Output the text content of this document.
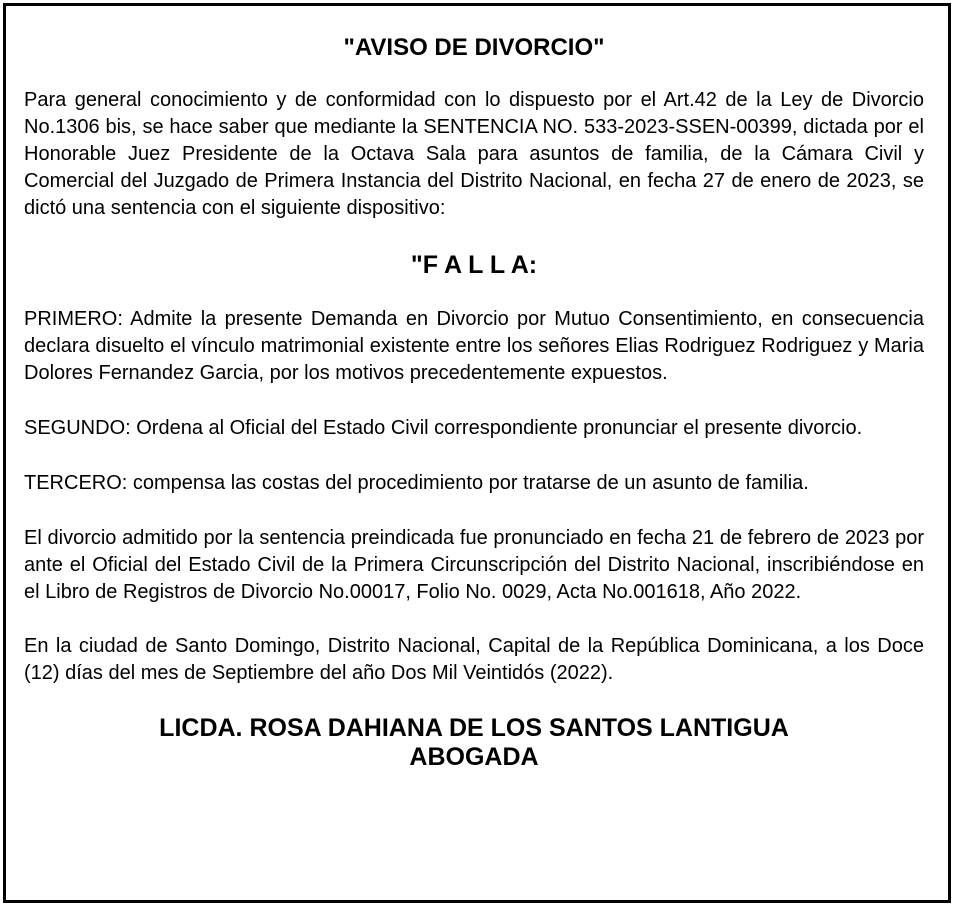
"AVISO DE DIVORCIO"

Para general conocimiento y de conformidad con lo dispuesto por el Art.42 de la Ley de Divorcio No.1306 bis, se hace saber que mediante la SENTENCIA NO. 533-2023-SSEN-00399, dictada por el Honorable Juez Presidente de la Octava Sala para asuntos de familia, de la Cámara Civil y Comercial del Juzgado de Primera Instancia del Distrito Nacional, en fecha 27 de enero de 2023, se dictó una sentencia con el siguiente dispositivo:

"F A L L A:

PRIMERO: Admite la presente Demanda en Divorcio por Mutuo Consentimiento, en consecuencia declara disuelto el vínculo matrimonial existente entre los señores Elias Rodriguez Rodriguez y Maria Dolores Fernandez Garcia, por los motivos precedentemente expuestos.

SEGUNDO: Ordena al Oficial del Estado Civil correspondiente pronunciar el presente divorcio.

TERCERO: compensa las costas del procedimiento por tratarse de un asunto de familia.

El divorcio admitido por la sentencia preindicada fue pronunciado en fecha 21 de febrero de 2023 por ante el Oficial del Estado Civil de la Primera Circunscripción del Distrito Nacional, inscribiéndose en el Libro de Registros de Divorcio No.00017, Folio No. 0029, Acta No.001618, Año 2022.

En la ciudad de Santo Domingo, Distrito Nacional, Capital de la República Dominicana, a los Doce (12) días del mes de Septiembre del año Dos Mil Veintidós (2022).

LICDA. ROSA DAHIANA DE LOS SANTOS LANTIGUA
ABOGADA
